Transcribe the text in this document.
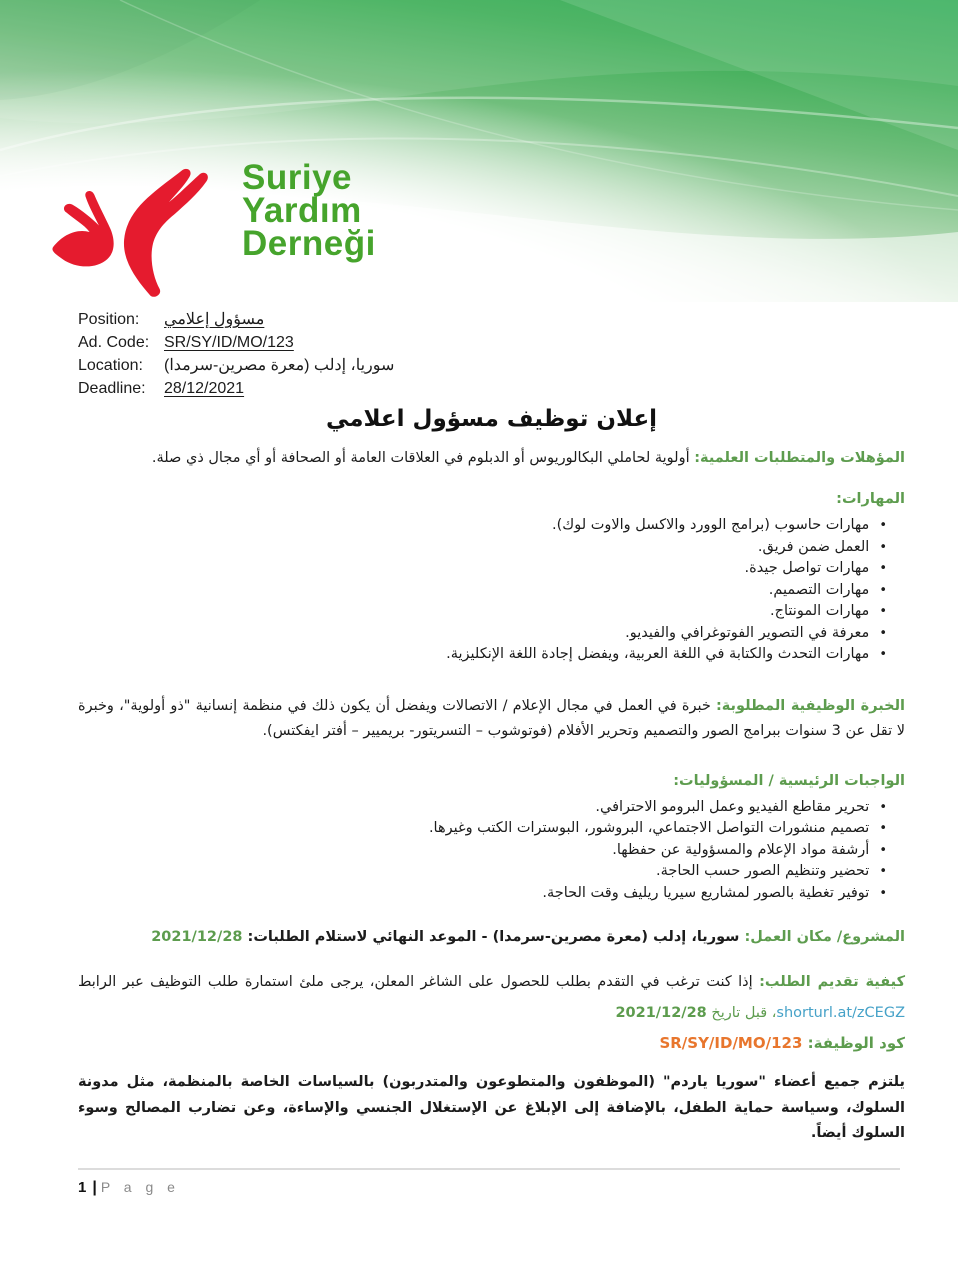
Suriye
Yardım
Derneği
Position:	مسؤول إعلامي
Ad. Code: SR/SY/ID/MO/123
Location:	سوريا، إدلب (معرة مصرين-سرمدا)
Deadline:	28/12/2021
إعلان توظيف مسؤول اعلامي

المؤهلات والمتطلبات العلمية: أولوية لحاملي البكالوريوس أو الدبلوم في العلاقات العامة أو الصحافة أو أي مجال ذي صلة.

المهارات:

• مهارات حاسوب (برامج الوورد والاكسل والاوت لوك).
• العمل ضمن فريق.
• مهارات تواصل جيدة.
• مهارات التصميم.
• مهارات المونتاج.
• معرفة في التصوير الفوتوغرافي والفيديو.
• مهارات التحدث والكتابة في اللغة العربية، ويفضل إجادة اللغة الإنكليزية.

الخبرة الوظيفية المطلوبة: خبرة في العمل في مجال الإعلام / الاتصالات ويفضل أن يكون ذلك في منظمة إنسانية "ذو أولوية"، وخبرة لا تقل عن 3 سنوات ببرامج الصور والتصميم وتحرير الأفلام (فوتوشوب – التسريتور- بريميير – أفتر ايفكتس).

الواجبات الرئيسية / المسؤوليات:

• تحرير مقاطع الفيديو وعمل البرومو الاحترافي.
• تصميم منشورات التواصل الاجتماعي، البروشور، البوسترات الكتب وغيرها.
• أرشفة مواد الإعلام والمسؤولية عن حفظها.
• تحضير وتنظيم الصور حسب الحاجة.
• توفير تغطية بالصور لمشاريع سيريا ريليف وقت الحاجة.

المشروع/ مكان العمل: سوريا، إدلب (معرة مصرين-سرمدا) - الموعد النهائي لاستلام الطلبات: 2021/12/28

كيفية تقديم الطلب: إذا كنت ترغب في التقدم بطلب للحصول على الشاغر المعلن، يرجى ملئ استمارة طلب التوظيف عبر الرابط shorturl.at/zCEGZ، قبل تاريخ 2021/12/28

كود الوظيفة: SR/SY/ID/MO/123

يلتزم جميع أعضاء "سوريا ياردم" (الموظفون والمتطوعون والمتدربون) بالسياسات الخاصة بالمنظمة، مثل مدونة السلوك، وسياسة حماية الطفل، بالإضافة إلى الإبلاغ عن الإستغلال الجنسي والإساءة، وعن تضارب المصالح وسوء السلوك أيضاً.

1 | P a g e
